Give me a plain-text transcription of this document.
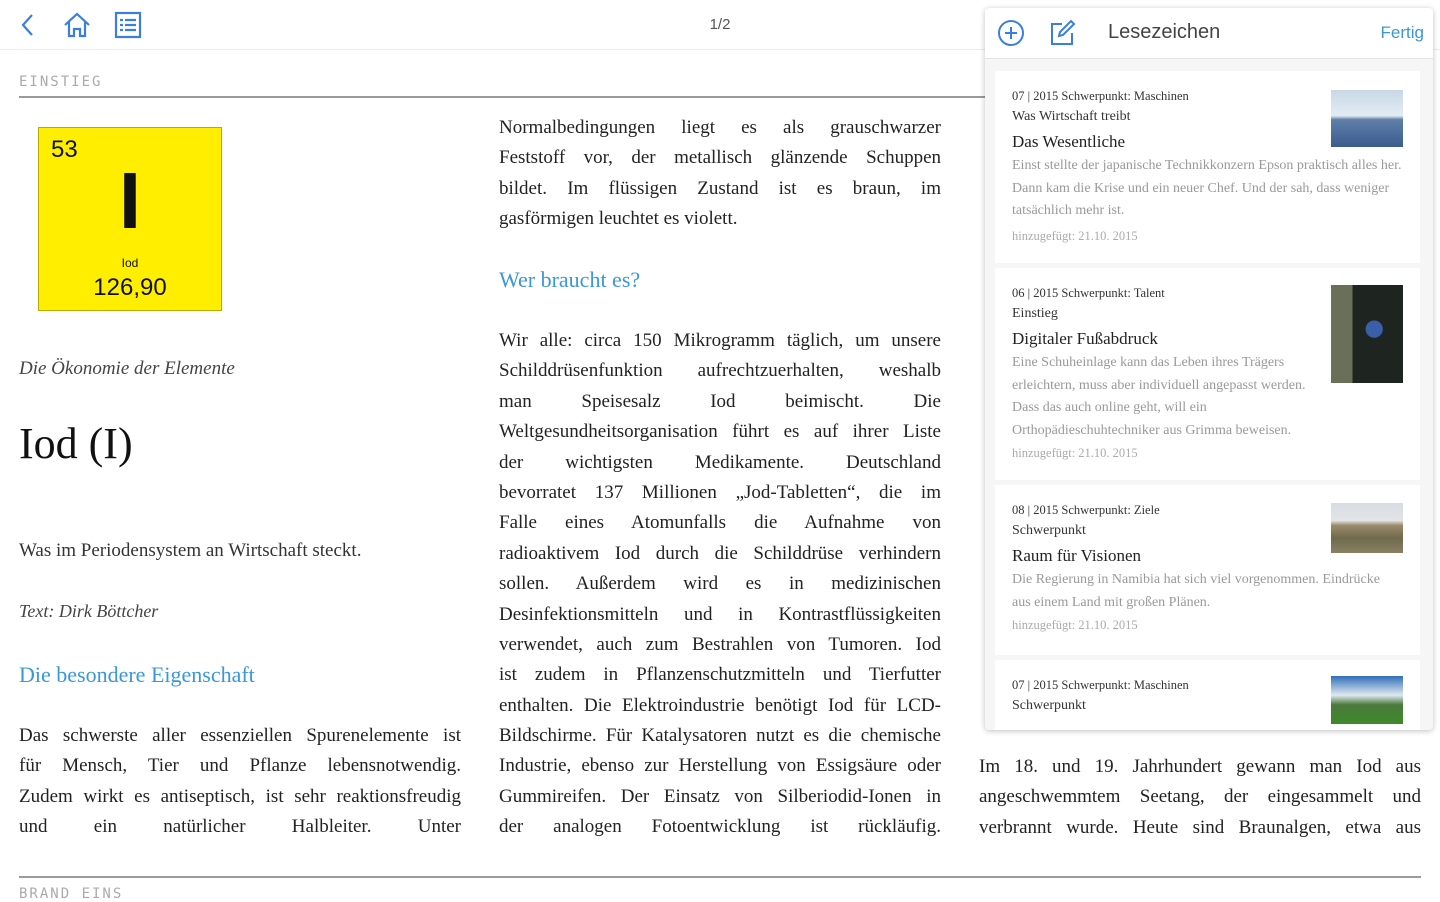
1/2
EINSTIEG
53
I
Iod
126,90
Die Ökonomie der Elemente
Iod (I)
Was im Periodensystem an Wirtschaft steckt.
Text: Dirk Böttcher
Die besondere Eigenschaft
Das schwerste aller essenziellen Spurenelemente ist
für Mensch, Tier und Pflanze lebensnotwendig.
Zudem wirkt es antiseptisch, ist sehr reaktionsfreudig
und ein natürlicher Halbleiter. Unter
Normalbedingungen liegt es als grauschwarzer
Feststoff vor, der metallisch glänzende Schuppen
bildet. Im flüssigen Zustand ist es braun, im
gasförmigen leuchtet es violett.
Wer braucht es?
Wir alle: circa 150 Mikrogramm täglich, um unsere
Schilddrüsenfunktion aufrechtzuerhalten, weshalb
man Speisesalz Iod beimischt. Die
Weltgesundheitsorganisation führt es auf ihrer Liste
der wichtigsten Medikamente. Deutschland
bevorratet 137 Millionen „Jod-Tabletten“, die im
Falle eines Atomunfalls die Aufnahme von
radioaktivem Iod durch die Schilddrüse verhindern
sollen. Außerdem wird es in medizinischen
Desinfektionsmitteln und in Kontrastflüssigkeiten
verwendet, auch zum Bestrahlen von Tumoren. Iod
ist zudem in Pflanzenschutzmitteln und Tierfutter
enthalten. Die Elektroindustrie benötigt Iod für LCD-
Bildschirme. Für Katalysatoren nutzt es die chemische
Industrie, ebenso zur Herstellung von Essigsäure oder
Gummireifen. Der Einsatz von Silberiodid-Ionen in
der analogen Fotoentwicklung ist rückläufig.
Im 18. und 19. Jahrhundert gewann man Iod aus
angeschwemmtem Seetang, der eingesammelt und
verbrannt wurde. Heute sind Braunalgen, etwa aus
BRAND EINS
Lesezeichen	Fertig
07 | 2015 Schwerpunkt: Maschinen
Was Wirtschaft treibt
Das Wesentliche
Einst stellte der japanische Technikkonzern Epson praktisch alles her. Dann kam die Krise und ein neuer Chef. Und der sah, dass weniger tatsächlich mehr ist.
hinzugefügt: 21.10. 2015
06 | 2015 Schwerpunkt: Talent
Einstieg
Digitaler Fußabdruck
Eine Schuheinlage kann das Leben ihres Trägers erleichtern, muss aber individuell angepasst werden. Dass das auch online geht, will ein Orthopädieschuhtechniker aus Grimma beweisen.
hinzugefügt: 21.10. 2015
08 | 2015 Schwerpunkt: Ziele
Schwerpunkt
Raum für Visionen
Die Regierung in Namibia hat sich viel vorgenommen. Eindrücke aus einem Land mit großen Plänen.
hinzugefügt: 21.10. 2015
07 | 2015 Schwerpunkt: Maschinen
Schwerpunkt
